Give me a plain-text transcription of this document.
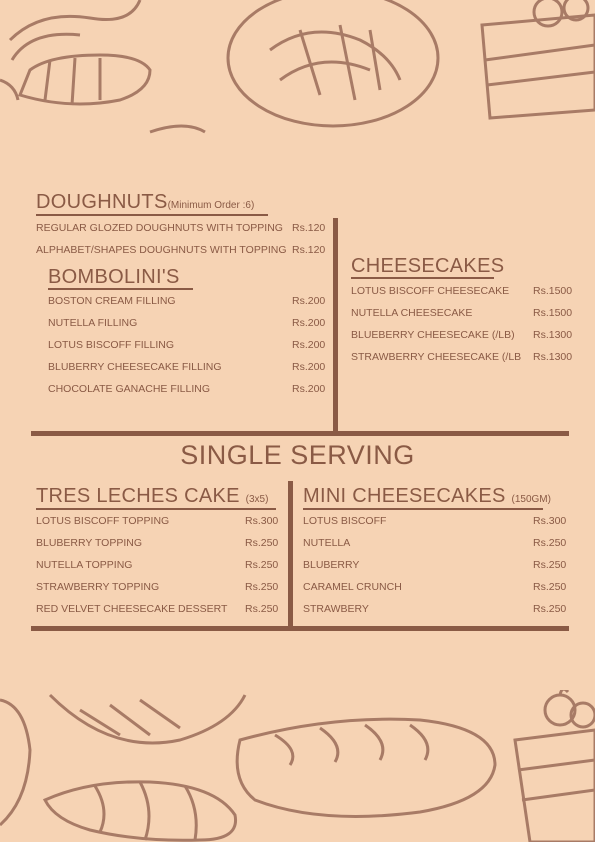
DOUGHNUTS(Minimum Order :6)
REGULAR GLOZED DOUGHNUTS WITH TOPPING Rs.120
ALPHABET/SHAPES DOUGHNUTS WITH TOPPING Rs.120
BOMBOLINI'S
BOSTON CREAM FILLING	Rs.200
NUTELLA FILLING	Rs.200
LOTUS BISCOFF FILLING	Rs.200
BLUBERRY CHEESECAKE FILLING	Rs.200
CHOCOLATE GANACHE FILLING	Rs.200
CHEESECAKES
LOTUS BISCOFF CHEESECAKE Rs.1500
NUTELLA CHEESECAKE	Rs.1500
BLUEBERRY CHEESECAKE (/LB) Rs.1300
STRAWBERRY CHEESECAKE (/LB Rs.1300
SINGLE SERVING
TRES LECHES CAKE (3x5)
LOTUS BISCOFF TOPPING	Rs.300
BLUBERRY TOPPING	Rs.250
NUTELLA TOPPING	Rs.250
STRAWBERRY TOPPING	Rs.250
RED VELVET CHEESECAKE DESSERT Rs.250
MINI CHEESECAKES (150GM)
LOTUS BISCOFF	Rs.300
NUTELLA	Rs.250
BLUBERRY	Rs.250
CARAMEL CRUNCH	Rs.250
STRAWBERY	Rs.250
